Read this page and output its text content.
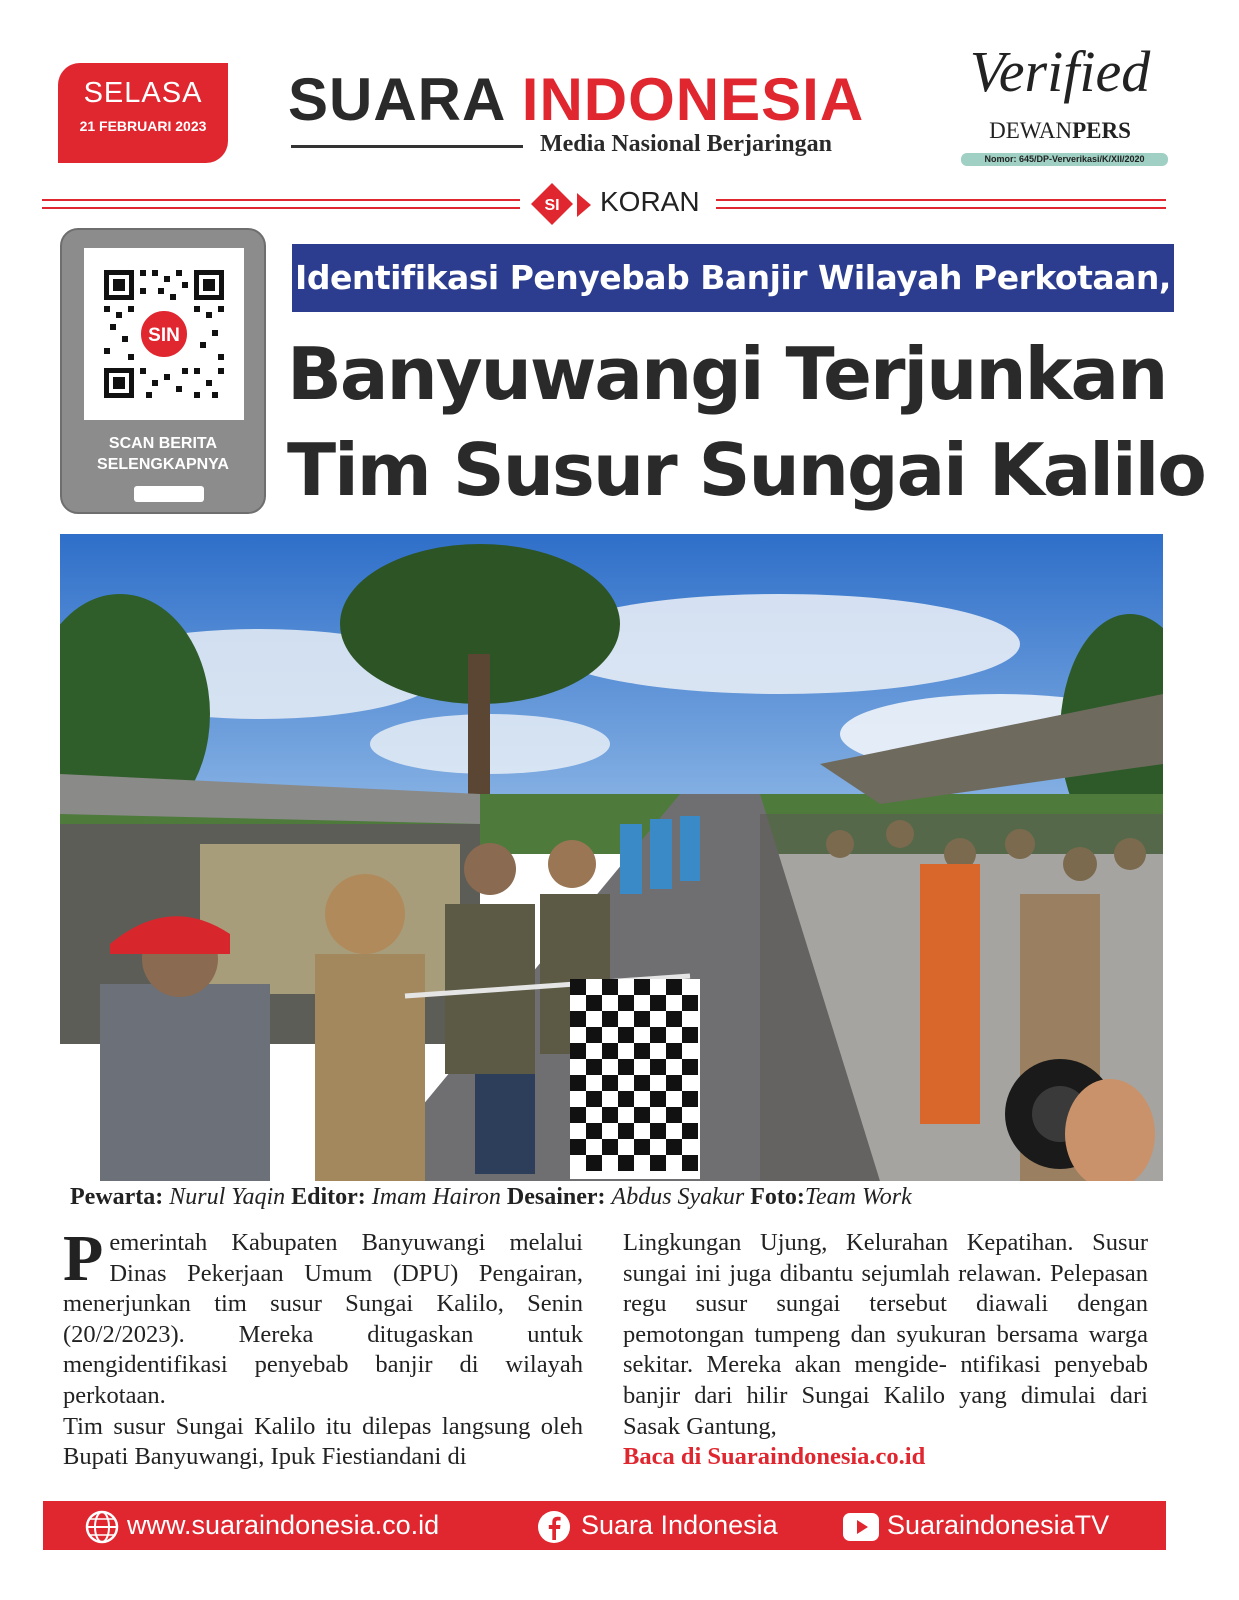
SELASA
21 FEBRUARI 2023	SUARA INDONESIA
Media Nasional Berjaringan
Verified
DEWANPERS
Nomor: 645/DP-Ververikasi/K/XII/2020
SI KORAN
SIN
SCAN BERITA
SELENGKAPNYA
Identifikasi Penyebab Banjir Wilayah Perkotaan,
Banyuwangi Terjunkan
Tim Susur Sungai Kalilo
Pewarta: Nurul Yaqin Editor: Imam Hairon Desainer: Abdus Syakur Foto:Team Work

Pemerintah Kabupaten Banyuwangi melalui Dinas Pekerjaan Umum (DPU) Pengairan, menerjunkan tim susur Sungai Kalilo, Senin (20/2/2023). Mereka ditugaskan untuk mengidentifikasi penyebab banjir di wilayah perkotaan.

Tim susur Sungai Kalilo itu dilepas langsung oleh Bupati Banyuwangi, Ipuk Fiestiandani di

Lingkungan Ujung, Kelurahan Kepatihan. Susur sungai ini juga dibantu sejumlah relawan. Pelepasan regu susur sungai tersebut diawali dengan pemotongan tumpeng dan syukuran bersama warga sekitar. Mereka akan mengide- ntifikasi penyebab banjir dari hilir Sungai Kalilo yang dimulai dari Sasak Gantung,

Baca di Suaraindonesia.co.id

www.suaraindonesia.co.id	Suara Indonesia	SuaraindonesiaTV
